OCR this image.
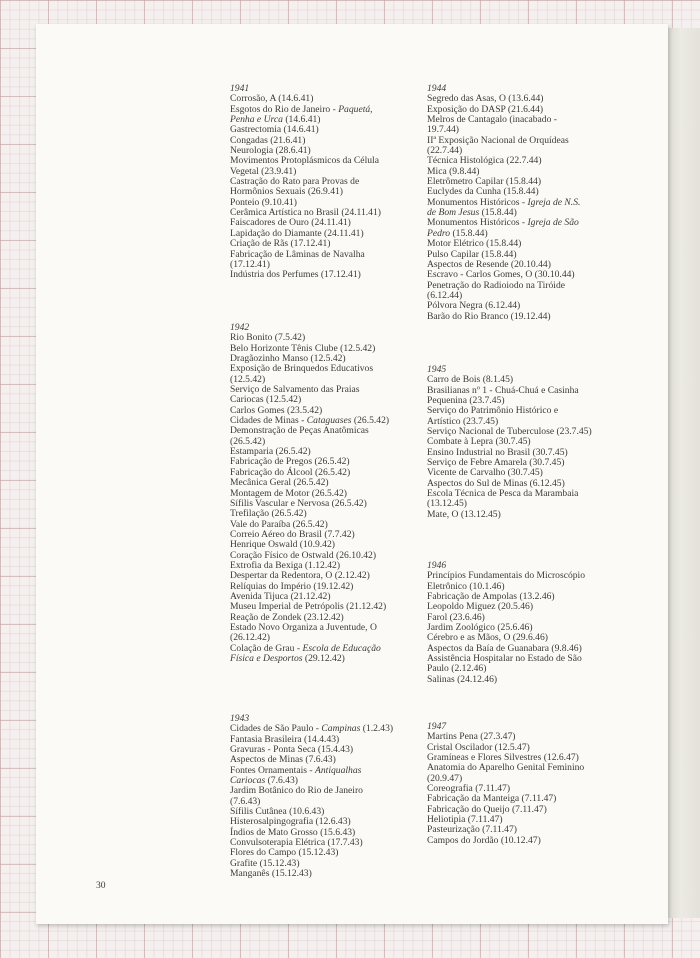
1941

Corrosão, A (14.6.41)

Esgotos do Rio de Janeiro - Paquetá,

Penha e Urca (14.6.41)

Gastrectomia (14.6.41)

Congadas (21.6.41)

Neurologia (28.6.41)

Movimentos Protoplásmicos da Célula

Vegetal (23.9.41)

Castração do Rato para Provas de

Hormônios Sexuais (26.9.41)

Ponteio (9.10.41)

Cerâmica Artística no Brasil (24.11.41)

Faiscadores de Ouro (24.11.41)

Lapidação do Diamante (24.11.41)

Criação de Rãs (17.12.41)

Fabricação de Lâminas de Navalha

(17.12.41)

Indústria dos Perfumes (17.12.41)

1942

Rio Bonito (7.5.42)

Belo Horizonte Tênis Clube (12.5.42)

Dragãozinho Manso (12.5.42)

Exposição de Brinquedos Educativos

(12.5.42)

Serviço de Salvamento das Praias

Cariocas (12.5.42)

Carlos Gomes (23.5.42)

Cidades de Minas - Cataguases (26.5.42)

Demonstração de Peças Anatômicas

(26.5.42)

Estamparia (26.5.42)

Fabricação de Pregos (26.5.42)

Fabricação do Álcool (26.5.42)

Mecânica Geral (26.5.42)

Montagem de Motor (26.5.42)

Sífilis Vascular e Nervosa (26.5.42)

Trefilação (26.5.42)

Vale do Paraíba (26.5.42)

Correio Aéreo do Brasil (7.7.42)

Henrique Oswald (10.9.42)

Coração Físico de Ostwald (26.10.42)

Extrofia da Bexiga (1.12.42)

Despertar da Redentora, O (2.12.42)

Relíquias do Império (19.12.42)

Avenida Tijuca (21.12.42)

Museu Imperial de Petrópolis (21.12.42)

Reação de Zondek (23.12.42)

Estado Novo Organiza a Juventude, O

(26.12.42)

Colação de Grau - Escola de Educação

Física e Desportos (29.12.42)

1943

Cidades de São Paulo - Campinas (1.2.43)

Fantasia Brasileira (14.4.43)

Gravuras - Ponta Seca (15.4.43)

Aspectos de Minas (7.6.43)

Fontes Ornamentais - Antiqualhas

Cariocas (7.6.43)

Jardim Botânico do Rio de Janeiro

(7.6.43)

Sífilis Cutânea (10.6.43)

Histerosalpingografia (12.6.43)

Índios de Mato Grosso (15.6.43)

Convulsoterapia Elétrica (17.7.43)

Flores do Campo (15.12.43)

Grafite (15.12.43)

Manganês (15.12.43)

1944

Segredo das Asas, O (13.6.44)

Exposição do DASP (21.6.44)

Melros de Cantagalo (inacabado -

19.7.44)

IIª Exposição Nacional de Orquídeas

(22.7.44)

Técnica Histológica (22.7.44)

Mica (9.8.44)

Eletrômetro Capilar (15.8.44)

Euclydes da Cunha (15.8.44)

Monumentos Históricos - Igreja de N.S.

de Bom Jesus (15.8.44)

Monumentos Históricos - Igreja de São

Pedro (15.8.44)

Motor Elétrico (15.8.44)

Pulso Capilar (15.8.44)

Aspectos de Resende (20.10.44)

Escravo - Carlos Gomes, O (30.10.44)

Penetração do Radioiodo na Tiróide

(6.12.44)

Pólvora Negra (6.12.44)

Barão do Rio Branco (19.12.44)

1945

Carro de Bois (8.1.45)

Brasilianas nº 1 - Chuá-Chuá e Casinha

Pequenina (23.7.45)

Serviço do Patrimônio Histórico e

Artístico (23.7.45)

Serviço Nacional de Tuberculose (23.7.45)

Combate à Lepra (30.7.45)

Ensino Industrial no Brasil (30.7.45)

Serviço de Febre Amarela (30.7.45)

Vicente de Carvalho (30.7.45)

Aspectos do Sul de Minas (6.12.45)

Escola Técnica de Pesca da Marambaia

(13.12.45)

Mate, O (13.12.45)

1946

Princípios Fundamentais do Microscópio

Eletrônico (10.1.46)

Fabricação de Ampolas (13.2.46)

Leopoldo Miguez (20.5.46)

Farol (23.6.46)

Jardim Zoológico (25.6.46)

Cérebro e as Mãos, O (29.6.46)

Aspectos da Baía de Guanabara (9.8.46)

Assistência Hospitalar no Estado de São

Paulo (2.12.46)

Salinas (24.12.46)

1947

Martins Pena (27.3.47)

Cristal Oscilador (12.5.47)

Gramíneas e Flores Silvestres (12.6.47)

Anatomia do Aparelho Genital Feminino

(20.9.47)

Coreografia (7.11.47)

Fabricação da Manteiga (7.11.47)

Fabricação do Queijo (7.11.47)

Heliotipia (7.11.47)

Pasteurização (7.11.47)

Campos do Jordão (10.12.47)

30
